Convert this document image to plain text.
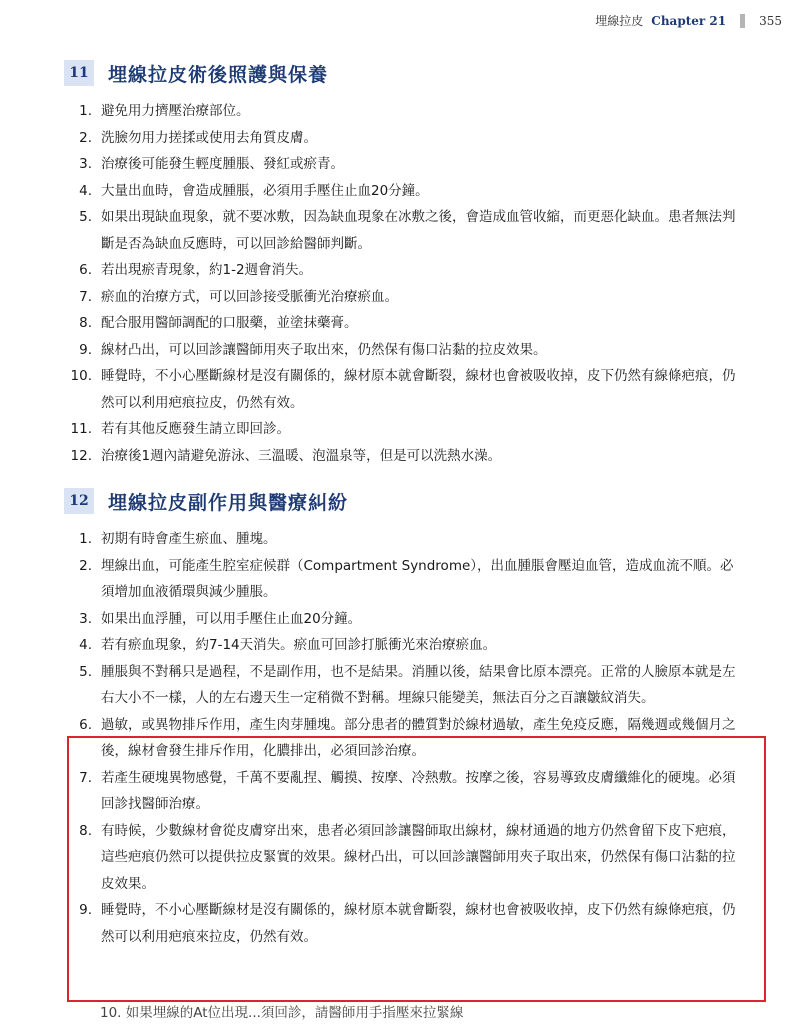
埋線拉皮 Chapter 21	355
11 埋線拉皮術後照護與保養
1 . 避免用力擠壓治療部位。
2 . 洗臉勿用力搓揉或使用去角質皮膚。
3 . 治療後可能發生輕度腫脹、發紅或瘀青。
4 . 大量出血時，會造成腫脹，必須用手壓住止血20分鐘。
5 . 如果出現缺血現象，就不要冰敷，因為缺血現象在冰敷之後，會造成血管收縮，而更惡化缺血。患者無法判斷是否為缺血反應時，可以回診給醫師判斷。
6 . 若出現瘀青現象，約1-2週會消失。
7 . 瘀血的治療方式，可以回診接受脈衝光治療瘀血。
8 . 配合服用醫師調配的口服藥，並塗抹藥膏。
9 . 線材凸出，可以回診讓醫師用夾子取出來，仍然保有傷口沾黏的拉皮效果。
10 . 睡覺時，不小心壓斷線材是沒有關係的，線材原本就會斷裂，線材也會被吸收掉，皮下仍然有線條疤痕，仍然可以利用疤痕拉皮，仍然有效。
11 . 若有其他反應發生請立即回診。
12 . 治療後1週內請避免游泳、三溫暖、泡溫泉等，但是可以洗熱水澡。
12 埋線拉皮副作用與醫療糾紛
1 . 初期有時會產生瘀血、腫塊。
2 . 埋線出血，可能產生腔室症候群（Compartment Syndrome），出血腫脹會壓迫血管，造成血流不順。必須增加血液循環與減少腫脹。
3 . 如果出血浮腫，可以用手壓住止血20分鐘。
4 . 若有瘀血現象，約7-14天消失。瘀血可回診打脈衝光來治療瘀血。
5 . 腫脹與不對稱只是過程，不是副作用，也不是結果。消腫以後，結果會比原本漂亮。正常的人臉原本就是左右大小不一樣，人的左右邊天生一定稍微不對稱。埋線只能變美，無法百分之百讓皺紋消失。
6 . 過敏，或異物排斥作用，產生肉芽腫塊。部分患者的體質對於線材過敏，產生免疫反應，隔幾週或幾個月之後，線材會發生排斥作用，化膿排出，必須回診治療。
7 . 若產生硬塊異物感覺，千萬不要亂捏、觸摸、按摩、冷熱敷。按摩之後，容易導致皮膚纖維化的硬塊。必須回診找醫師治療。
8 . 有時候，少數線材會從皮膚穿出來，患者必須回診讓醫師取出線材，線材通過的地方仍然會留下皮下疤痕，這些疤痕仍然可以提供拉皮緊實的效果。線材凸出，可以回診讓醫師用夾子取出來，仍然保有傷口沾黏的拉皮效果。
9 . 睡覺時，不小心壓斷線材是沒有關係的，線材原本就會斷裂，線材也會被吸收掉，皮下仍然有線條疤痕，仍然可以利用疤痕來拉皮，仍然有效。
10. 如果埋線的At位出現...須回診，請醫師用手指壓來拉緊線
